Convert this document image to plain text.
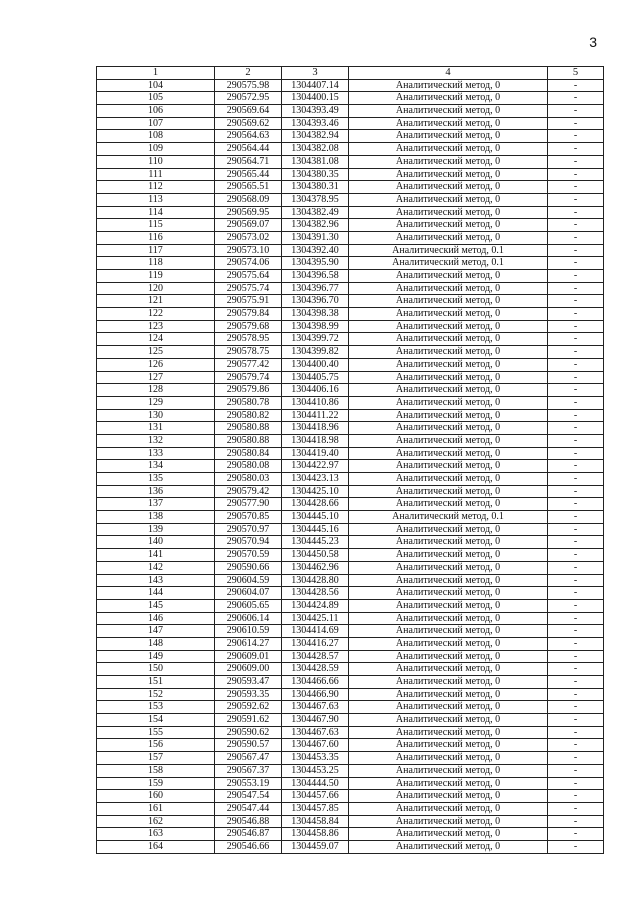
3
1	2	3	4	5
104	290575.98	1304407.14	Аналитический метод, 0	-
105	290572.95	1304400.15	Аналитический метод, 0	-
106	290569.64	1304393.49	Аналитический метод, 0	-
107	290569.62	1304393.46	Аналитический метод, 0	-
108	290564.63	1304382.94	Аналитический метод, 0	-
109	290564.44	1304382.08	Аналитический метод, 0	-
110	290564.71	1304381.08	Аналитический метод, 0	-
111	290565.44	1304380.35	Аналитический метод, 0	-
112	290565.51	1304380.31	Аналитический метод, 0	-
113	290568.09	1304378.95	Аналитический метод, 0	-
114	290569.95	1304382.49	Аналитический метод, 0	-
115	290569.07	1304382.96	Аналитический метод, 0	-
116	290573.02	1304391.30	Аналитический метод, 0	-
117	290573.10	1304392.40	Аналитический метод, 0.1	-
118	290574.06	1304395.90	Аналитический метод, 0.1	-
119	290575.64	1304396.58	Аналитический метод, 0	-
120	290575.74	1304396.77	Аналитический метод, 0	-
121	290575.91	1304396.70	Аналитический метод, 0	-
122	290579.84	1304398.38	Аналитический метод, 0	-
123	290579.68	1304398.99	Аналитический метод, 0	-
124	290578.95	1304399.72	Аналитический метод, 0	-
125	290578.75	1304399.82	Аналитический метод, 0	-
126	290577.42	1304400.40	Аналитический метод, 0	-
127	290579.74	1304405.75	Аналитический метод, 0	-
128	290579.86	1304406.16	Аналитический метод, 0	-
129	290580.78	1304410.86	Аналитический метод, 0	-
130	290580.82	1304411.22	Аналитический метод, 0	-
131	290580.88	1304418.96	Аналитический метод, 0	-
132	290580.88	1304418.98	Аналитический метод, 0	-
133	290580.84	1304419.40	Аналитический метод, 0	-
134	290580.08	1304422.97	Аналитический метод, 0	-
135	290580.03	1304423.13	Аналитический метод, 0	-
136	290579.42	1304425.10	Аналитический метод, 0	-
137	290577.90	1304428.66	Аналитический метод, 0	-
138	290570.85	1304445.10	Аналитический метод, 0.1	-
139	290570.97	1304445.16	Аналитический метод, 0	-
140	290570.94	1304445.23	Аналитический метод, 0	-
141	290570.59	1304450.58	Аналитический метод, 0	-
142	290590.66	1304462.96	Аналитический метод, 0	-
143	290604.59	1304428.80	Аналитический метод, 0	-
144	290604.07	1304428.56	Аналитический метод, 0	-
145	290605.65	1304424.89	Аналитический метод, 0	-
146	290606.14	1304425.11	Аналитический метод, 0	-
147	290610.59	1304414.69	Аналитический метод, 0	-
148	290614.27	1304416.27	Аналитический метод, 0	-
149	290609.01	1304428.57	Аналитический метод, 0	-
150	290609.00	1304428.59	Аналитический метод, 0	-
151	290593.47	1304466.66	Аналитический метод, 0	-
152	290593.35	1304466.90	Аналитический метод, 0	-
153	290592.62	1304467.63	Аналитический метод, 0	-
154	290591.62	1304467.90	Аналитический метод, 0	-
155	290590.62	1304467.63	Аналитический метод, 0	-
156	290590.57	1304467.60	Аналитический метод, 0	-
157	290567.47	1304453.35	Аналитический метод, 0	-
158	290567.37	1304453.25	Аналитический метод, 0	-
159	290553.19	1304444.50	Аналитический метод, 0	-
160	290547.54	1304457.66	Аналитический метод, 0	-
161	290547.44	1304457.85	Аналитический метод, 0	-
162	290546.88	1304458.84	Аналитический метод, 0	-
163	290546.87	1304458.86	Аналитический метод, 0	-
164	290546.66	1304459.07	Аналитический метод, 0	-
